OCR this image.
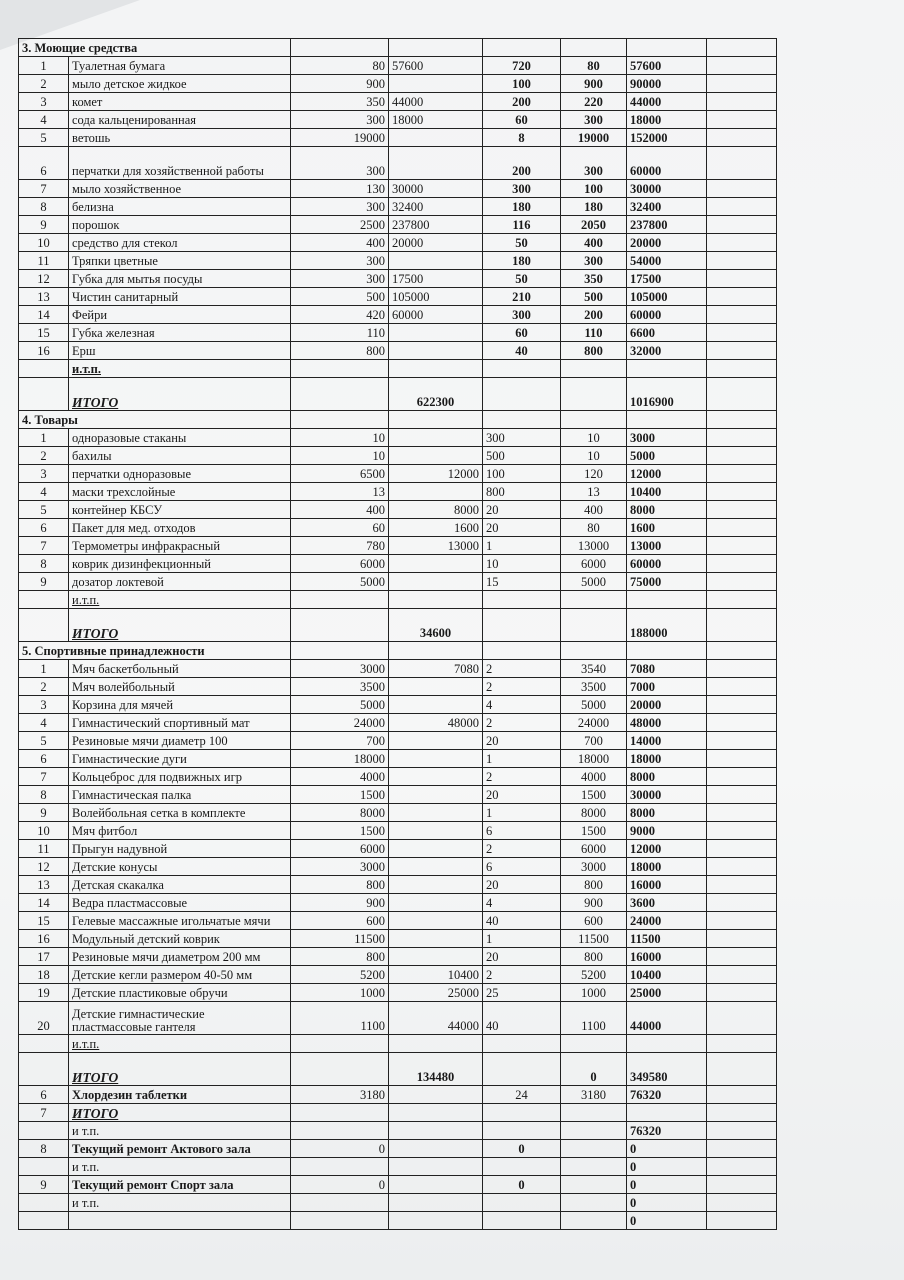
3. Моющие средства							
1	Туалетная бумага	80	57600	720	80	57600	
2	мыло детское жидкое	900		100	900	90000	
3	комет	350	44000	200	220	44000	
4	сода кальценированная	300	18000	60	300	18000	
5	ветошь	19000		8	19000	152000	
6	перчатки для хозяйственной работы	300		200	300	60000	
7	мыло хозяйственное	130	30000	300	100	30000	
8	белизна	300	32400	180	180	32400	
9	порошок	2500	237800	116	2050	237800	
10	средство для стекол	400	20000	50	400	20000	
11	Тряпки цветные	300		180	300	54000	
12	Губка для мытья посуды	300	17500	50	350	17500	
13	Чистин санитарный	500	105000	210	500	105000	
14	Фейри	420	60000	300	200	60000	
15	Губка железная	110		60	110	6600	
16	Ерш	800		40	800	32000	
	и.т.п.						
	ИТОГО		622300			1016900	
4. Товары							
1	одноразовые стаканы	10		300	10	3000	
2	бахилы	10		500	10	5000	
3	перчатки одноразовые	6500	12000	100	120	12000	
4	маски трехслойные	13		800	13	10400	
5	контейнер КБСУ	400	8000	20	400	8000	
6	Пакет для мед. отходов	60	1600	20	80	1600	
7	Термометры инфракрасный	780	13000	1	13000	13000	
8	коврик дизинфекционный	6000		10	6000	60000	
9	дозатор локтевой	5000		15	5000	75000	
	и.т.п.						
	ИТОГО		34600			188000	
5. Спортивные принадлежности							
1	Мяч баскетбольный	3000	7080	2	3540	7080	
2	Мяч волейбольный	3500		2	3500	7000	
3	Корзина для мячей	5000		4	5000	20000	
4	Гимнастический спортивный мат	24000	48000	2	24000	48000	
5	Резиновые мячи диаметр 100	700		20	700	14000	
6	Гимнастические дуги	18000		1	18000	18000	
7	Кольцеброс для подвижных игр	4000		2	4000	8000	
8	Гимнастическая палка	1500		20	1500	30000	
9	Волейбольная сетка в комплекте	8000		1	8000	8000	
10	Мяч фитбол	1500		6	1500	9000	
11	Прыгун надувной	6000		2	6000	12000	
12	Детские конусы	3000		6	3000	18000	
13	Детская скакалка	800		20	800	16000	
14	Ведра пластмассовые	900		4	900	3600	
15	Гелевые массажные игольчатые мячи	600		40	600	24000	
16	Модульный детский коврик	11500		1	11500	11500	
17	Резиновые мячи диаметром 200 мм	800		20	800	16000	
18	Детские кегли размером 40-50 мм	5200	10400	2	5200	10400	
19	Детские пластиковые обручи	1000	25000	25	1000	25000	
20	Детские гимнастические пластмассовые гантеля	1100	44000	40	1100	44000	
	и.т.п.						
	ИТОГО		134480		0	349580	
6	Хлордезин таблетки	3180		24	3180	76320	
7	ИТОГО						
	и т.п.					76320	
8	Текущий ремонт Актового зала	0		0		0	
	и т.п.					0	
9	Текущий ремонт Спорт зала	0		0		0	
	и т.п.					0	
						0	
